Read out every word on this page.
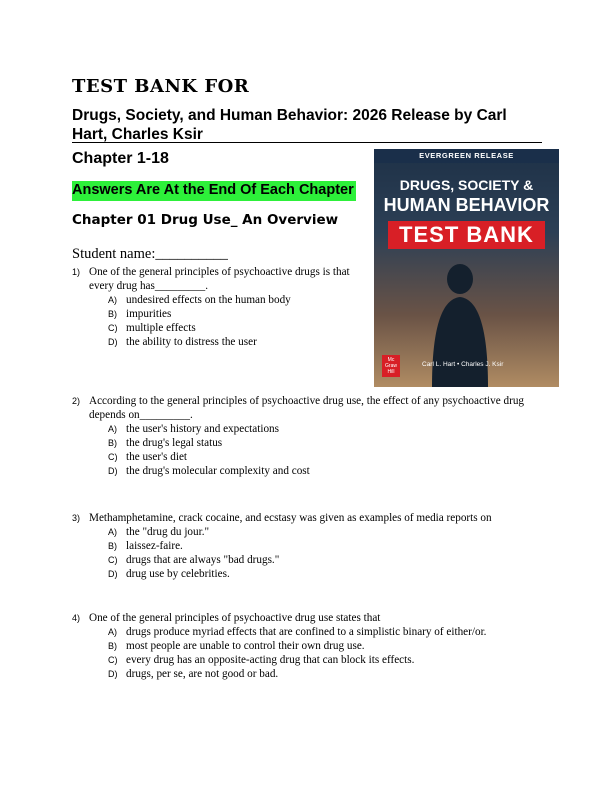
TEST BANK FOR
Drugs, Society, and Human Behavior: 2026 Release by Carl Hart, Charles Ksir
Chapter 1-18
Answers Are At the End Of Each Chapter
Chapter 01 Drug Use_ An Overview
Student name:__________
EVERGREEN RELEASE
DRUGS, SOCIETY &
HUMAN BEHAVIOR
TEST BANK
Mc Graw Hill
Carl L. Hart • Charles J. Ksir
1) One of the general principles of psychoactive drugs is that every drug has_________.
A) undesired effects on the human body
B) impurities
C) multiple effects
D) the ability to distress the user
2) According to the general principles of psychoactive drug use, the effect of any psychoactive drug depends on_________.
A) the user's history and expectations
B) the drug's legal status
C) the user's diet
D) the drug's molecular complexity and cost
3) Methamphetamine, crack cocaine, and ecstasy was given as examples of media reports on
A) the "drug du jour."
B) laissez-faire.
C) drugs that are always "bad drugs."
D) drug use by celebrities.
4) One of the general principles of psychoactive drug use states that
A) drugs produce myriad effects that are confined to a simplistic binary of either/or.
B) most people are unable to control their own drug use.
C) every drug has an opposite-acting drug that can block its effects.
D) drugs, per se, are not good or bad.
